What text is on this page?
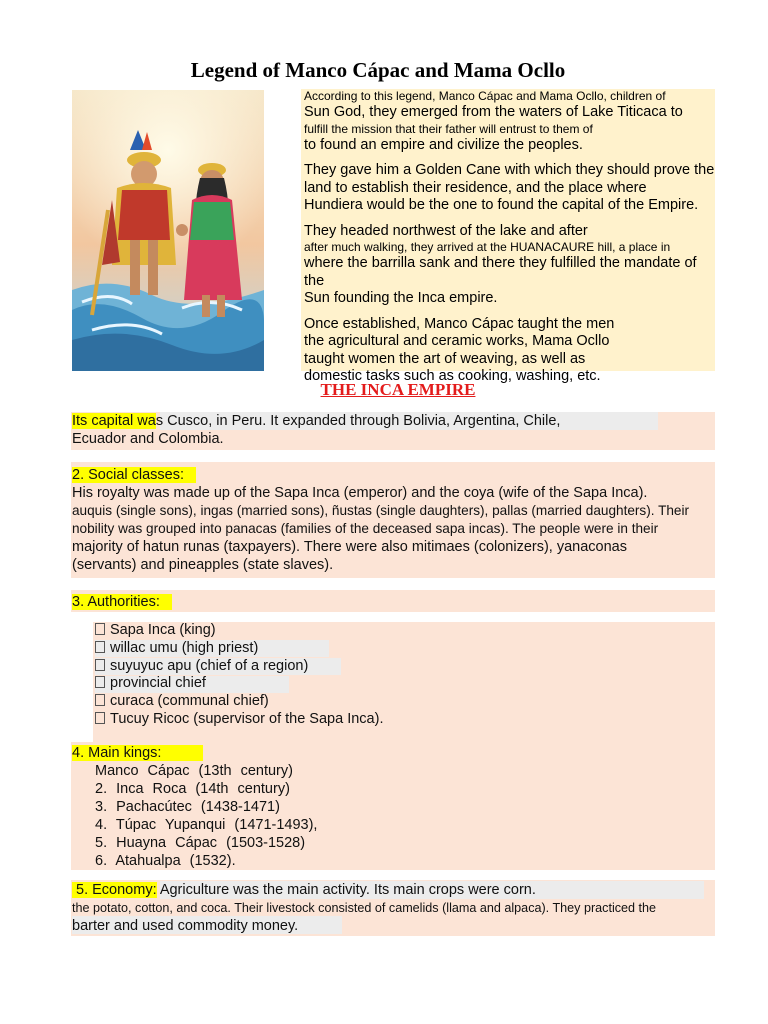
Legend of Manco Cápac and Mama Ocllo

According to this legend, Manco Cápac and Mama Ocllo, children of
Sun God, they emerged from the waters of Lake Titicaca to
fulfill the mission that their father will entrust to them of
to found an empire and civilize the peoples.

They gave him a Golden Cane with which they should prove the
land to establish their residence, and the place where
Hundiera would be the one to found the capital of the Empire.

They headed northwest of the lake and after
after much walking, they arrived at the HUANACAURE hill, a place in
where the barrilla sank and there they fulfilled the mandate of the
Sun founding the Inca empire.

Once established, Manco Cápac taught the men
the agricultural and ceramic works, Mama Ocllo
taught women the art of weaving, as well as
domestic tasks such as cooking, washing, etc.

THE INCA EMPIRE
Its capital was Cusco, in Peru. It expanded through Bolivia, Argentina, Chile,
Ecuador and Colombia.
2. Social classes:
His royalty was made up of the Sapa Inca (emperor) and the coya (wife of the Sapa Inca).
auquis (single sons), ingas (married sons), ñustas (single daughters), pallas (married daughters). Their
nobility was grouped into panacas (families of the deceased sapa incas). The people were in their
majority of hatun runas (taxpayers). There were also mitimaes (colonizers), yanaconas
(servants) and pineapples (state slaves).
3. Authorities:
Sapa Inca (king)
willac umu (high priest)
suyuyuc apu (chief of a region)
provincial chief
curaca (communal chief)
Tucuy Ricoc (supervisor of the Sapa Inca).
4. Main kings:
Manco Cápac (13th century)
2. Inca Roca (14th century)
3. Pachacútec (1438-1471)
4. Túpac Yupanqui (1471-1493),
5. Huayna Cápac (1503-1528)
6. Atahualpa (1532).
5. Economy: Agriculture was the main activity. Its main crops were corn.
the potato, cotton, and coca. Their livestock consisted of camelids (llama and alpaca). They practiced the
barter and used commodity money.
